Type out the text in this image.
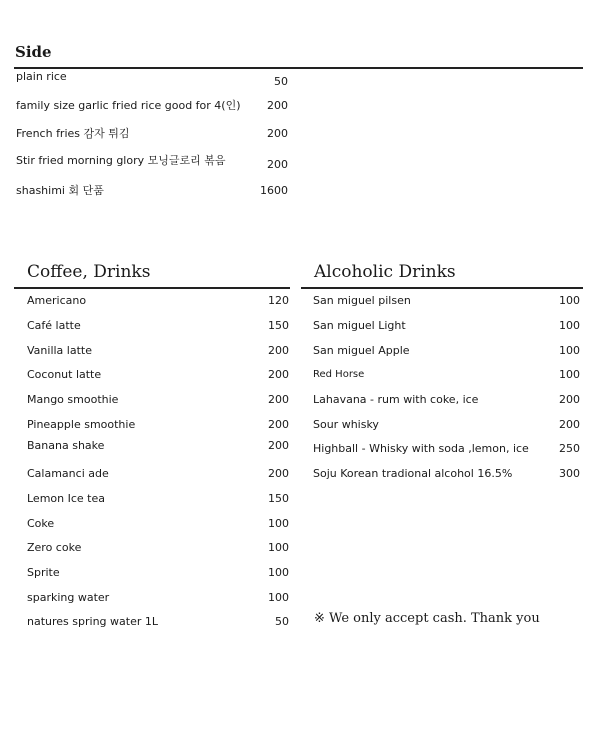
Side
plain rice	50
family size garlic fried rice good for 4(인) 200
French fries 감자 튀김	200
Stir fried morning glory 모닝글로리 볶음	200
shashimi 회 단품	1600
Coffee, Drinks
Americano	120
Café latte	150
Vanilla latte	200
Coconut latte	200
Mango smoothie	200
Pineapple smoothie	200
Banana shake	200
Calamanci ade	200
Lemon Ice tea	150
Coke	100
Zero coke	100
Sprite	100
sparking water	100
natures spring water 1L	50
Alcoholic Drinks
San miguel pilsen	100
San miguel Light	100
San miguel Apple	100
Red Horse	100
Lahavana - rum with coke, ice	200
Sour whisky	200
Highball - Whisky with soda ,lemon, ice	250
Soju Korean tradional alcohol 16.5%	300
※ We only accept cash. Thank you
